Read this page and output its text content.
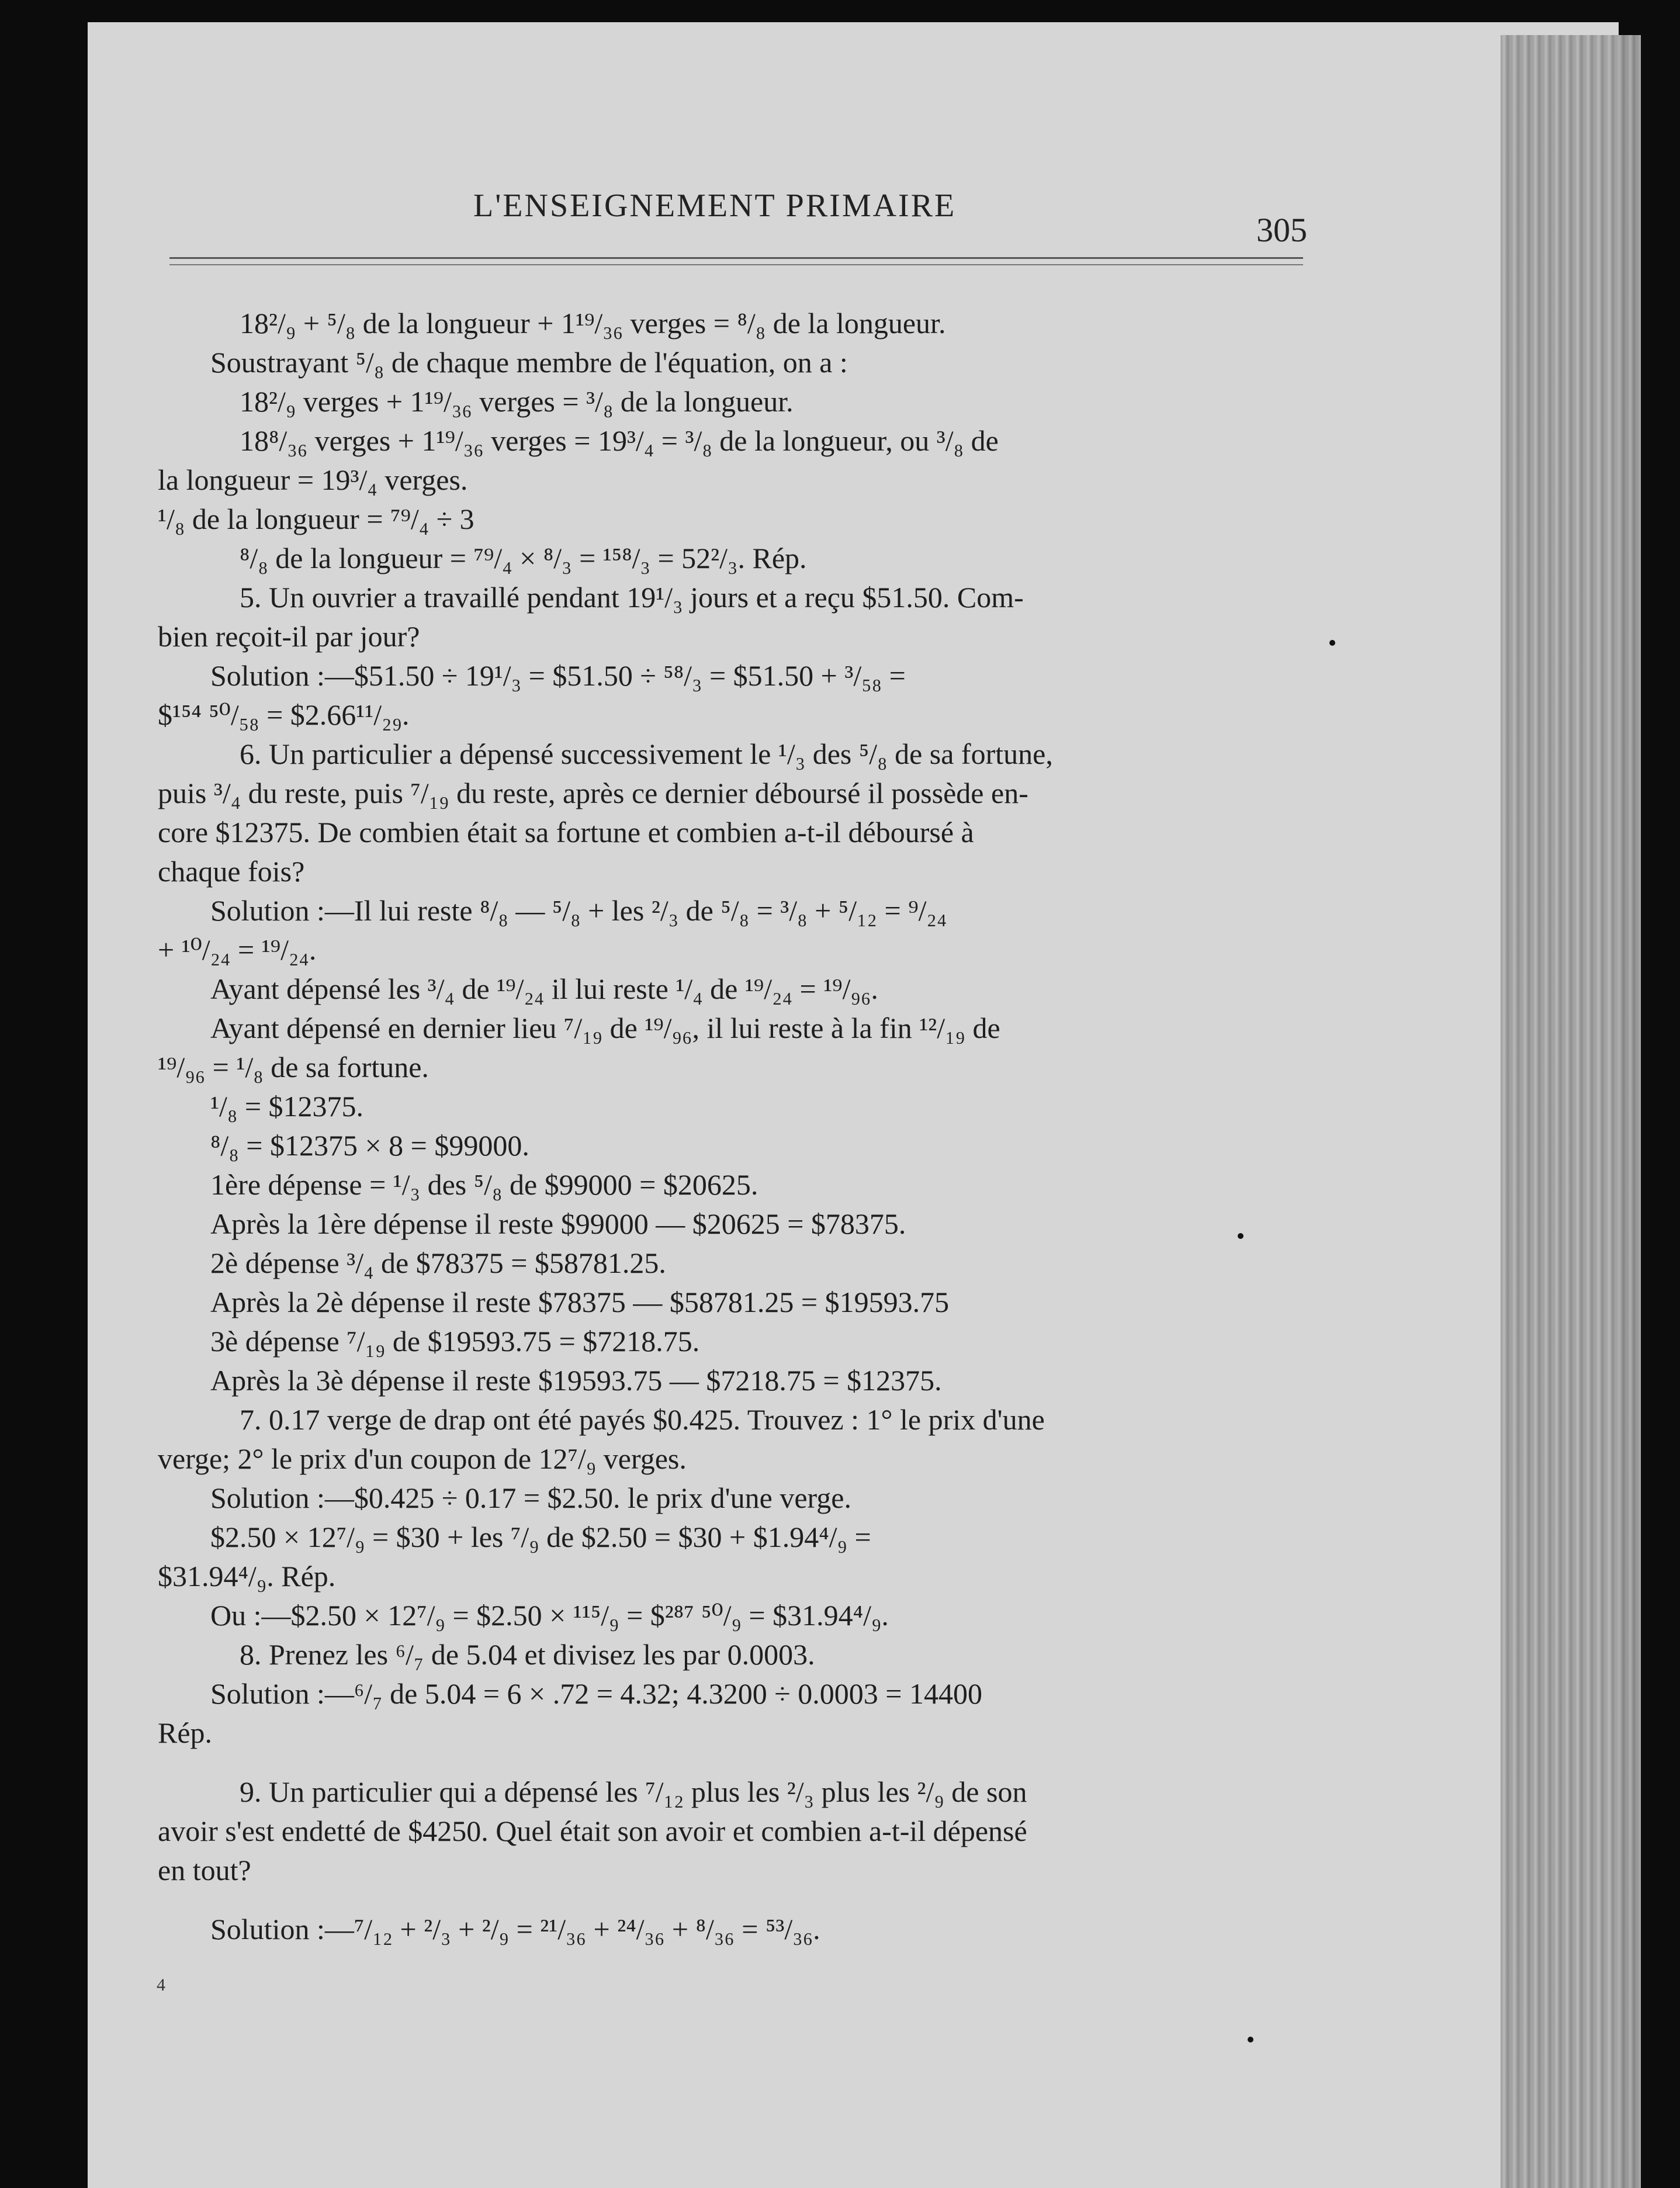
L'ENSEIGNEMENT PRIMAIRE
305
18²/₉ + ⁵/₈ de la longueur + 1¹⁹/₃₆ verges = ⁸/₈ de la longueur.
Soustrayant ⁵/₈ de chaque membre de l'équation, on a :
18²/₉ verges + 1¹⁹/₃₆ verges = ³/₈ de la longueur.
18⁸/₃₆ verges + 1¹⁹/₃₆ verges = 19³/₄ = ³/₈ de la longueur, ou ³/₈ de
la longueur = 19³/₄ verges.
¹/₈ de la longueur = ⁷⁹/₄ ÷ 3
⁸/₈ de la longueur = ⁷⁹/₄ × ⁸/₃ = ¹⁵⁸/₃ = 52²/₃. Rép.
5. Un ouvrier a travaillé pendant 19¹/₃ jours et a reçu $51.50. Com-
bien reçoit-il par jour?
Solution :—$51.50 ÷ 19¹/₃ = $51.50 ÷ ⁵⁸/₃ = $51.50 + ³/₅₈ =
$¹⁵⁴ ⁵⁰/₅₈ = $2.66¹¹/₂₉.
6. Un particulier a dépensé successivement le ¹/₃ des ⁵/₈ de sa fortune,
puis ³/₄ du reste, puis ⁷/₁₉ du reste, après ce dernier déboursé il possède en-
core $12375. De combien était sa fortune et combien a-t-il déboursé à
chaque fois?
Solution :—Il lui reste ⁸/₈ — ⁵/₈ + les ²/₃ de ⁵/₈ = ³/₈ + ⁵/₁₂ = ⁹/₂₄
+ ¹⁰/₂₄ = ¹⁹/₂₄.
Ayant dépensé les ³/₄ de ¹⁹/₂₄ il lui reste ¹/₄ de ¹⁹/₂₄ = ¹⁹/₉₆.
Ayant dépensé en dernier lieu ⁷/₁₉ de ¹⁹/₉₆, il lui reste à la fin ¹²/₁₉ de
¹⁹/₉₆ = ¹/₈ de sa fortune.
¹/₈ = $12375.
⁸/₈ = $12375 × 8 = $99000.
1ère dépense = ¹/₃ des ⁵/₈ de $99000 = $20625.
Après la 1ère dépense il reste $99000 — $20625 = $78375.
2è dépense ³/₄ de $78375 = $58781.25.
Après la 2è dépense il reste $78375 — $58781.25 = $19593.75
3è dépense ⁷/₁₉ de $19593.75 = $7218.75.
Après la 3è dépense il reste $19593.75 — $7218.75 = $12375.
7. 0.17 verge de drap ont été payés $0.425. Trouvez : 1° le prix d'une
verge; 2° le prix d'un coupon de 12⁷/₉ verges.
Solution :—$0.425 ÷ 0.17 = $2.50. le prix d'une verge.
$2.50 × 12⁷/₉ = $30 + les ⁷/₉ de $2.50 = $30 + $1.94⁴/₉ =
$31.94⁴/₉. Rép.
Ou :—$2.50 × 12⁷/₉ = $2.50 × ¹¹⁵/₉ = $²⁸⁷ ⁵⁰/₉ = $31.94⁴/₉.
8. Prenez les ⁶/₇ de 5.04 et divisez les par 0.0003.
Solution :—⁶/₇ de 5.04 = 6 × .72 = 4.32; 4.3200 ÷ 0.0003 = 14400
Rép.
9. Un particulier qui a dépensé les ⁷/₁₂ plus les ²/₃ plus les ²/₉ de son
avoir s'est endetté de $4250. Quel était son avoir et combien a-t-il dépensé
en tout?
Solution :—⁷/₁₂ + ²/₃ + ²/₉ = ²¹/₃₆ + ²⁴/₃₆ + ⁸/₃₆ = ⁵³/₃₆.
4
